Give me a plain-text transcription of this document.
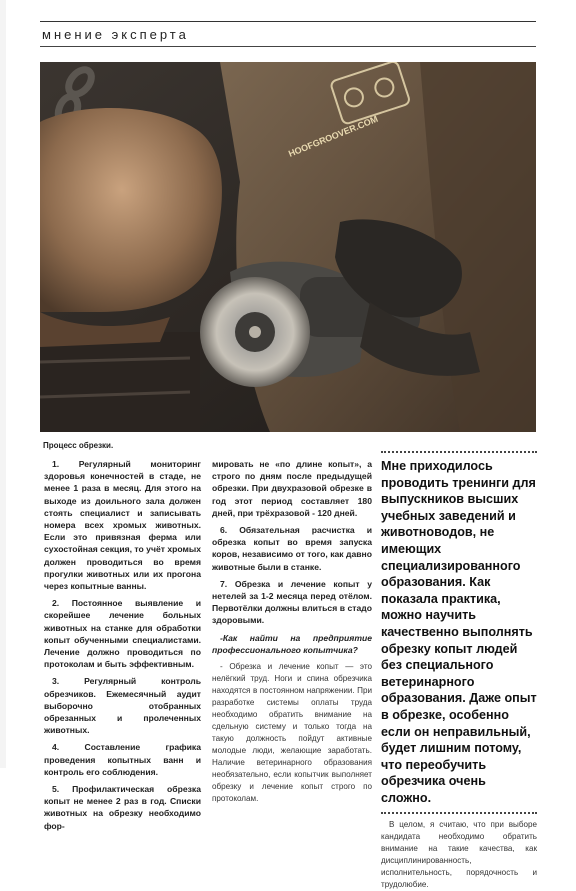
мнение эксперта
HOOFGROOVER.COM
Процесс обрезки.

1. Регулярный мониторинг здоровья конечностей в стаде, не менее 1 раза в месяц. Для этого на выходе из доильного зала должен стоять специалист и записывать номера всех хромых животных. Если это привязная ферма или сухостойная секция, то учёт хромых должен проводиться во время прогулки животных или их прогона через копытные ванны.

2. Постоянное выявление и скорейшее лечение больных животных на станке для обработки копыт обученными специалистами. Лечение должно проводиться по протоколам и быть эффективным.

3. Регулярный контроль обрезчиков. Ежемесячный аудит выборочно отобранных обрезанных и пролеченных животных.

4. Составление графика проведения копытных ванн и контроль его соблюдения.

5. Профилактическая обрезка копыт не менее 2 раз в год. Списки животных на обрезку необходимо фор-

мировать не «по длине копыт», а строго по дням после предыдущей обрезки. При двухразовой обрезке в год этот период составляет 180 дней, при трёхразовой - 120 дней.

6. Обязательная расчистка и обрезка копыт во время запуска коров, независимо от того, как давно животные были в станке.

7. Обрезка и лечение копыт у нетелей за 1-2 месяца перед отёлом. Первотёлки должны влиться в стадо здоровыми.

-Как найти на предприятие профессионального копытчика?

- Обрезка и лечение копыт — это нелёгкий труд. Ноги и спина обрезчика находятся в постоянном напряжении. При разработке системы оплаты труда необходимо обратить внимание на сдельную систему и только тогда на такую должность пойдут активные молодые люди, желающие заработать. Наличие ветеринарного образования необязательно, если копытчик выполняет обрезку и лечение копыт строго по протоколам.

Мне приходилось проводить тренинги для выпускников высших учебных заведений и животноводов, не имеющих специализированного образования. Как показала практика, можно научить качественно выполнять обрезку копыт людей без специального ветеринарного образования. Даже опыт в обрезке, особенно если он неправильный, будет лишним потому, что переобучить обрезчика очень сложно.

В целом, я считаю, что при выборе кандидата необходимо обратить внимание на такие качества, как дисциплинированность, исполнительность, порядочность и трудолюбие.
